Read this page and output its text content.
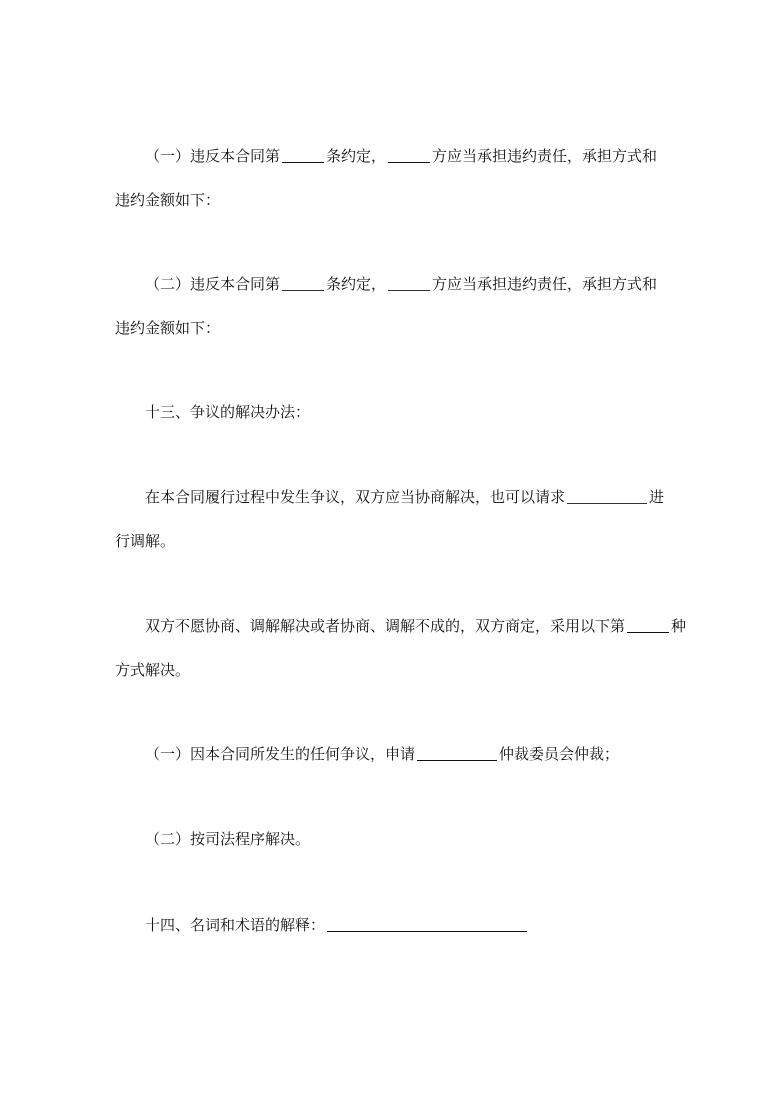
（一）违反本合同第	条约定，	方应当承担违约责任，承担方式和
违约金额如下：
（二）违反本合同第	条约定，	方应当承担违约责任，承担方式和
违约金额如下：
十三、争议的解决办法：
在本合同履行过程中发生争议，双方应当协商解决，也可以请求	进
行调解。
双方不愿协商、调解解决或者协商、调解不成的，双方商定，采用以下第	种
方式解决。
（一）因本合同所发生的任何争议，申请	仲裁委员会仲裁；
（二）按司法程序解决。
十四、名词和术语的解释：
